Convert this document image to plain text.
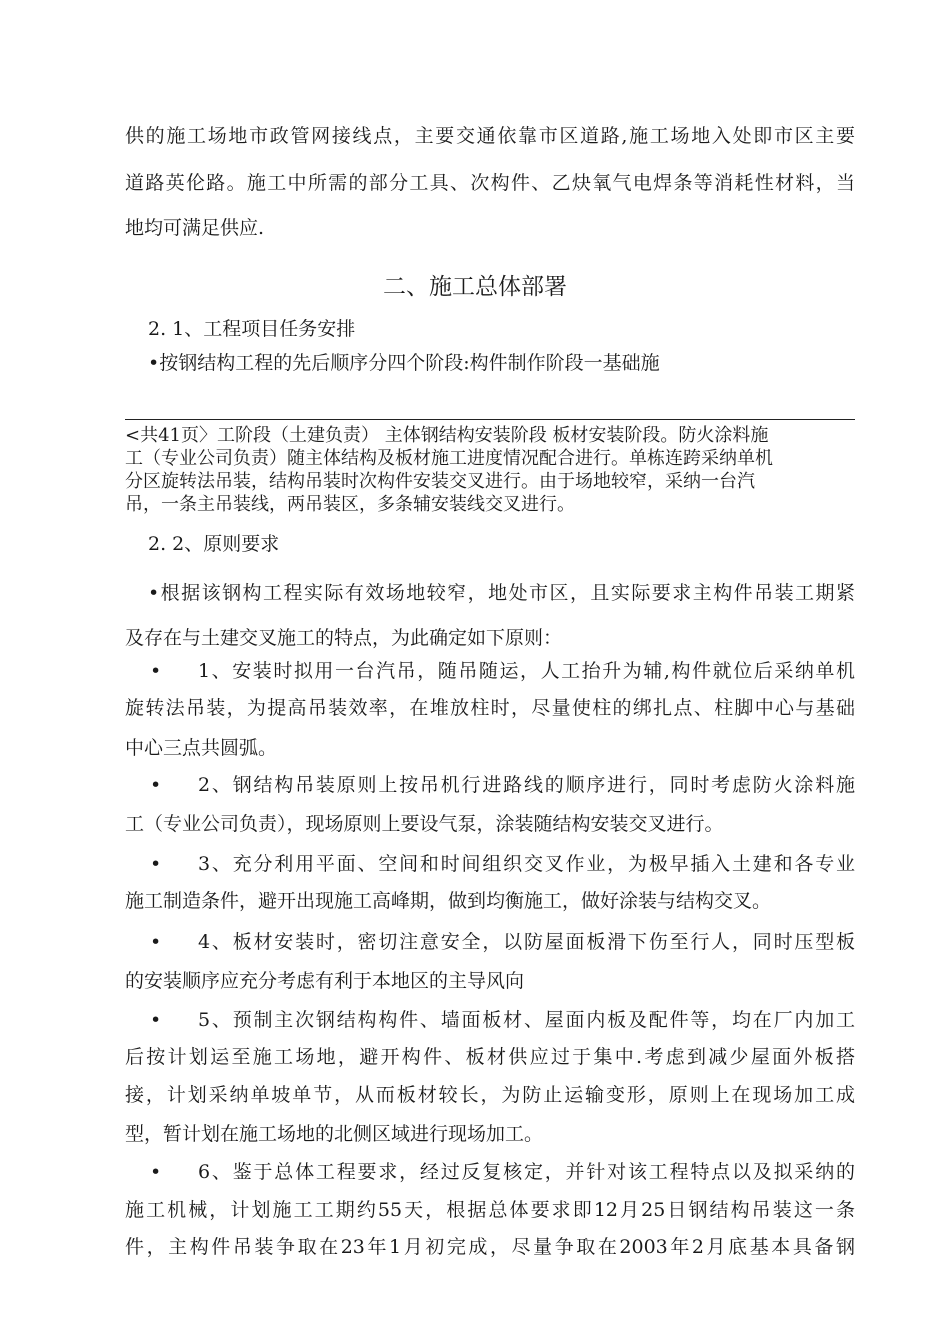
供的施工场地市政管网接线点，主要交通依靠市区道路,施工场地入处即市区主要
道路英伦路。施工中所需的部分工具、次构件、乙炔氧气电焊条等消耗性材料，当
地均可满足供应.
二、施工总体部署
2. 1、工程项目任务安排
•按钢结构工程的先后顺序分四个阶段:构件制作阶段一基础施
<共41页〉工阶段（土建负责） 主体钢结构安装阶段 板材安装阶段。防火涂料施
工（专业公司负责）随主体结构及板材施工进度情况配合进行。单栋连跨采纳单机
分区旋转法吊装，结构吊装时次构件安装交叉进行。由于场地较窄，采纳一台汽
吊，一条主吊装线，两吊装区，多条辅安装线交叉进行。
2. 2、原则要求
•根据该钢构工程实际有效场地较窄，地处市区，且实际要求主构件吊装工期紧
及存在与土建交叉施工的特点，为此确定如下原则：
• 1、安装时拟用一台汽吊，随吊随运，人工抬升为辅,构件就位后采纳单机
旋转法吊装，为提高吊装效率，在堆放柱时，尽量使柱的绑扎点、柱脚中心与基础
中心三点共圆弧。
• 2、钢结构吊装原则上按吊机行进路线的顺序进行，同时考虑防火涂料施
工（专业公司负责），现场原则上要设气泵，涂装随结构安装交叉进行。
• 3、充分利用平面、空间和时间组织交叉作业，为极早插入土建和各专业
施工制造条件，避开出现施工高峰期，做到均衡施工，做好涂装与结构交叉。
• 4、板材安装时，密切注意安全，以防屋面板滑下伤至行人，同时压型板
的安装顺序应充分考虑有利于本地区的主导风向
• 5、预制主次钢结构构件、墙面板材、屋面内板及配件等，均在厂内加工
后按计划运至施工场地，避开构件、板材供应过于集中.考虑到减少屋面外板搭
接，计划采纳单坡单节，从而板材较长，为防止运输变形，原则上在现场加工成
型，暂计划在施工场地的北侧区域进行现场加工。
• 6、鉴于总体工程要求，经过反复核定，并针对该工程特点以及拟采纳的
施工机械，计划施工工期约55天，根据总体要求即12月25日钢结构吊装这一条
件，主构件吊装争取在23年1月初完成，尽量争取在2003年2月底基本具备钢
